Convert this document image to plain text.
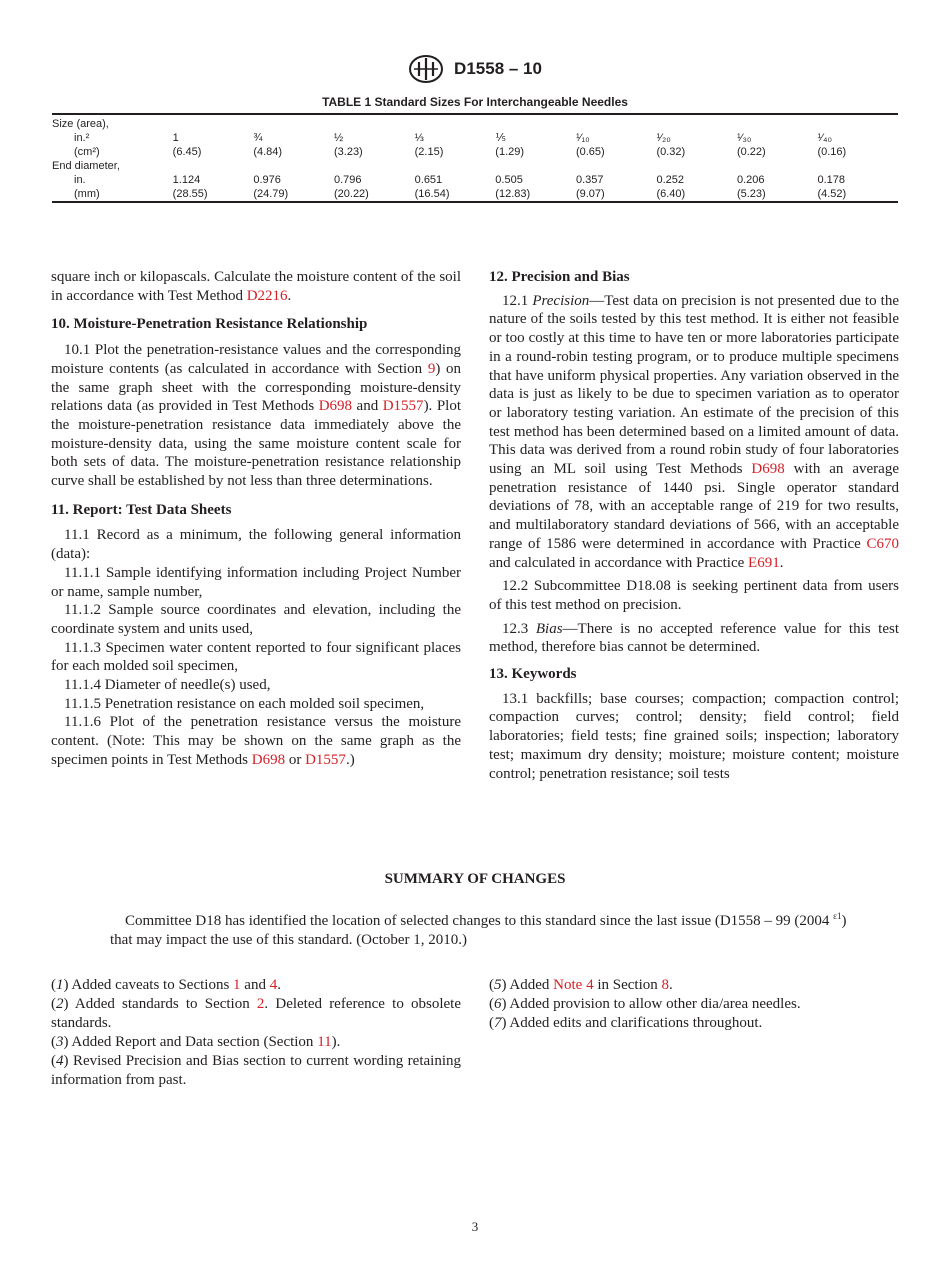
D1558 – 10
TABLE 1 Standard Sizes For Interchangeable Needles
Size (area),									
in.²	1	¾	½	⅓	⅕	¹⁄₁₀	¹⁄₂₀	¹⁄₃₀	¹⁄₄₀
(cm²)	(6.45)	(4.84)	(3.23)	(2.15)	(1.29)	(0.65)	(0.32)	(0.22)	(0.16)
End diameter,									
in.	1.124	0.976	0.796	0.651	0.505	0.357	0.252	0.206	0.178
(mm)	(28.55)	(24.79)	(20.22)	(16.54)	(12.83)	(9.07)	(6.40)	(5.23)	(4.52)

square inch or kilopascals. Calculate the moisture content of the soil in accordance with Test Method D2216.

10. Moisture-Penetration Resistance Relationship

10.1 Plot the penetration-resistance values and the corresponding moisture contents (as calculated in accordance with Section 9) on the same graph sheet with the corresponding moisture-density relations data (as provided in Test Methods D698 and D1557). Plot the moisture-penetration resistance data immediately above the moisture-density data, using the same moisture content scale for both sets of data. The moisture-penetration resistance relationship curve shall be established by not less than three determinations.

11. Report: Test Data Sheets

11.1 Record as a minimum, the following general information (data):

11.1.1 Sample identifying information including Project Number or name, sample number,

11.1.2 Sample source coordinates and elevation, including the coordinate system and units used,

11.1.3 Specimen water content reported to four significant places for each molded soil specimen,

11.1.4 Diameter of needle(s) used,

11.1.5 Penetration resistance on each molded soil specimen,

11.1.6 Plot of the penetration resistance versus the moisture content. (Note: This may be shown on the same graph as the specimen points in Test Methods D698 or D1557.)

12. Precision and Bias

12.1 Precision—Test data on precision is not presented due to the nature of the soils tested by this test method. It is either not feasible or too costly at this time to have ten or more laboratories participate in a round-robin testing program, or to produce multiple specimens that have uniform physical properties. Any variation observed in the data is just as likely to be due to specimen variation as to operator or laboratory testing variation. An estimate of the precision of this test method has been determined based on a limited amount of data. This data was derived from a round robin study of four laboratories using an ML soil using Test Methods D698 with an average penetration resistance of 1440 psi. Single operator standard deviations of 78, with an acceptable range of 219 for two results, and multilaboratory standard deviations of 566, with an acceptable range of 1586 were determined in accordance with Practice C670 and calculated in accordance with Practice E691.

12.2 Subcommittee D18.08 is seeking pertinent data from users of this test method on precision.

12.3 Bias—There is no accepted reference value for this test method, therefore bias cannot be determined.

13. Keywords

13.1 backfills; base courses; compaction; compaction control; compaction curves; control; density; field control; field laboratories; field tests; fine grained soils; inspection; laboratory test; maximum dry density; moisture; moisture content; moisture control; penetration resistance; soil tests

SUMMARY OF CHANGES
Committee D18 has identified the location of selected changes to this standard since the last issue (D1558 – 99 (2004 $^{\varepsilon 1}$) that may impact the use of this standard. (October 1, 2010.)

(1) Added caveats to Sections 1 and 4.

(2) Added standards to Section 2. Deleted reference to obsolete standards.

(3) Added Report and Data section (Section 11).

(4) Revised Precision and Bias section to current wording retaining information from past.

(5) Added Note 4 in Section 8.

(6) Added provision to allow other dia/area needles.

(7) Added edits and clarifications throughout.

3
